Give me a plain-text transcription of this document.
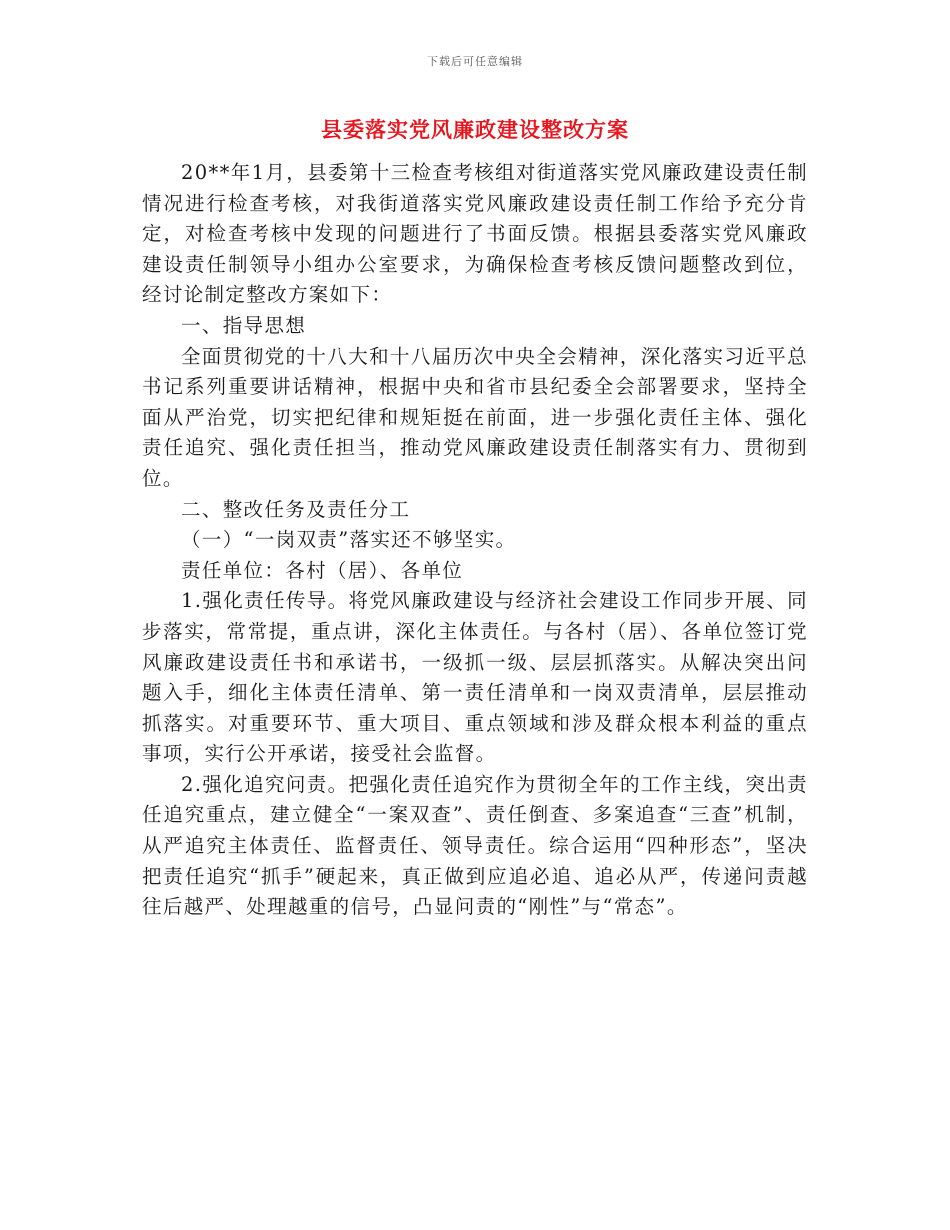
下载后可任意编辑
县委落实党风廉政建设整改方案

20**年1月，县委第十三检查考核组对街道落实党风廉政建设责任制情况进行检查考核，对我街道落实党风廉政建设责任制工作给予充分肯定，对检查考核中发现的问题进行了书面反馈。根据县委落实党风廉政建设责任制领导小组办公室要求，为确保检查考核反馈问题整改到位，经讨论制定整改方案如下：

一、指导思想

全面贯彻党的十八大和十八届历次中央全会精神，深化落实习近平总书记系列重要讲话精神，根据中央和省市县纪委全会部署要求，坚持全面从严治党，切实把纪律和规矩挺在前面，进一步强化责任主体、强化责任追究、强化责任担当，推动党风廉政建设责任制落实有力、贯彻到位。

二、整改任务及责任分工

（一）“一岗双责”落实还不够坚实。

责任单位：各村（居）、各单位

1.强化责任传导。将党风廉政建设与经济社会建设工作同步开展、同步落实，常常提，重点讲，深化主体责任。与各村（居）、各单位签订党风廉政建设责任书和承诺书，一级抓一级、层层抓落实。从解决突出问题入手，细化主体责任清单、第一责任清单和一岗双责清单，层层推动抓落实。对重要环节、重大项目、重点领域和涉及群众根本利益的重点事项，实行公开承诺，接受社会监督。

2.强化追究问责。把强化责任追究作为贯彻全年的工作主线，突出责任追究重点，建立健全“一案双查”、责任倒查、多案追查“三查”机制，从严追究主体责任、监督责任、领导责任。综合运用“四种形态”，坚决把责任追究“抓手”硬起来，真正做到应追必追、追必从严，传递问责越往后越严、处理越重的信号，凸显问责的“刚性”与“常态”。
